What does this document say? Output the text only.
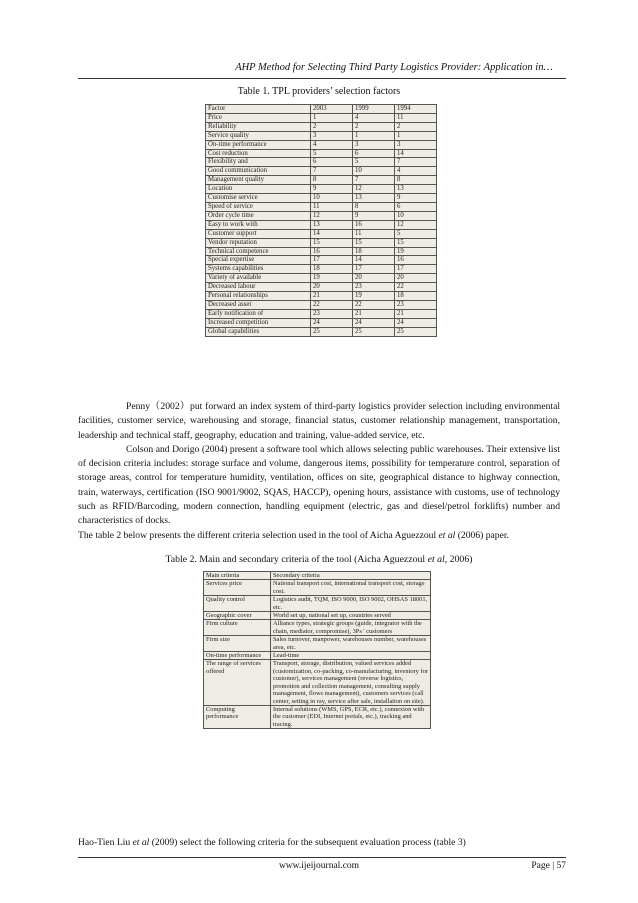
AHP Method for Selecting Third Party Logistics Provider: Application in…
Table 1. TPL providers’ selection factors
Factor	2003	1999	1994
Price	1	4	11
Reliability	2	2	2
Service quality	3	1	1
On-time performance	4	3	3
Cost reduction	5	6	14
Flexibility and	6	5	7
Good communication	7	10	4
Management quality	8	7	8
Location	9	12	13
Customise service	10	13	9
Speed of service	11	8	6
Order cycle time	12	9	10
Easy to work with	13	16	12
Customer support	14	11	5
Vendor reputation	15	15	15
Technical competence	16	18	19
Special expertise	17	14	16
Systems capabilities	18	17	17
Variety of available	19	20	20
Decreased labour	20	23	22
Personal relationships	21	19	18
Decreased asset	22	22	23
Early notification of	23	21	21
Increased competition	24	24	24
Global capabilities	25	25	25

Penny（2002）put forward an index system of third-party logistics provider selection including environmental facilities, customer service, warehousing and storage, financial status, customer relationship management, transportation, leadership and technical staff, geography, education and training, value-added service, etc.

Colson and Dorigo (2004) present a software tool which allows selecting public warehouses. Their extensive list of decision criteria includes: storage surface and volume, dangerous items, possibility for temperature control, separation of storage areas, control for temperature humidity, ventilation, offices on site, geographical distance to highway connection, train, waterways, certification (ISO 9001/9002, SQAS, HACCP), opening hours, assistance with customs, use of technology such as RFID/Barcoding, modern connection, handling equipment (electric, gas and diesel/petrol forklifts) number and characteristics of docks.

The table 2 below presents the different criteria selection used in the tool of Aicha Aguezzoul et al (2006) paper.

Table 2. Main and secondary criteria of the tool (Aicha Aguezzoul et al, 2006)
Main criteria	Secondary criteria
Services price	National transport cost, international transport cost, storage cost.
Quality control	Logistics audit, TQM, ISO 9000, ISO 9002, OHSAS 18001, etc.
Geographic cover	World set up, national set up, countries served
Firm culture	Alliance types, strategic groups (guide, integrator with the chain, mediator, compromise), 3Ps ' customers
Firm size	Sales turnover, manpower, warehouses number, warehouses area, etc.
On-time performance	Lead-time
The range of services offered	Transport, storage, distribution, valued services added (customization, co-packing, co-manufacturing, inventory for customer), services management (reverse logistics, promotion and collection management, consulting supply management, flows management), customers services (call center, setting in ray, service after sale, installation on site).
Computing performance	Internal solutions (WMS, GPS, ECR, etc.), connexion with the customer (EDI, Internet portals, etc.), tracking and tracing.
Hao-Tien Liu et al (2009) select the following criteria for the subsequent evaluation process (table 3)
www.ijeijournal.com	Page | 57
